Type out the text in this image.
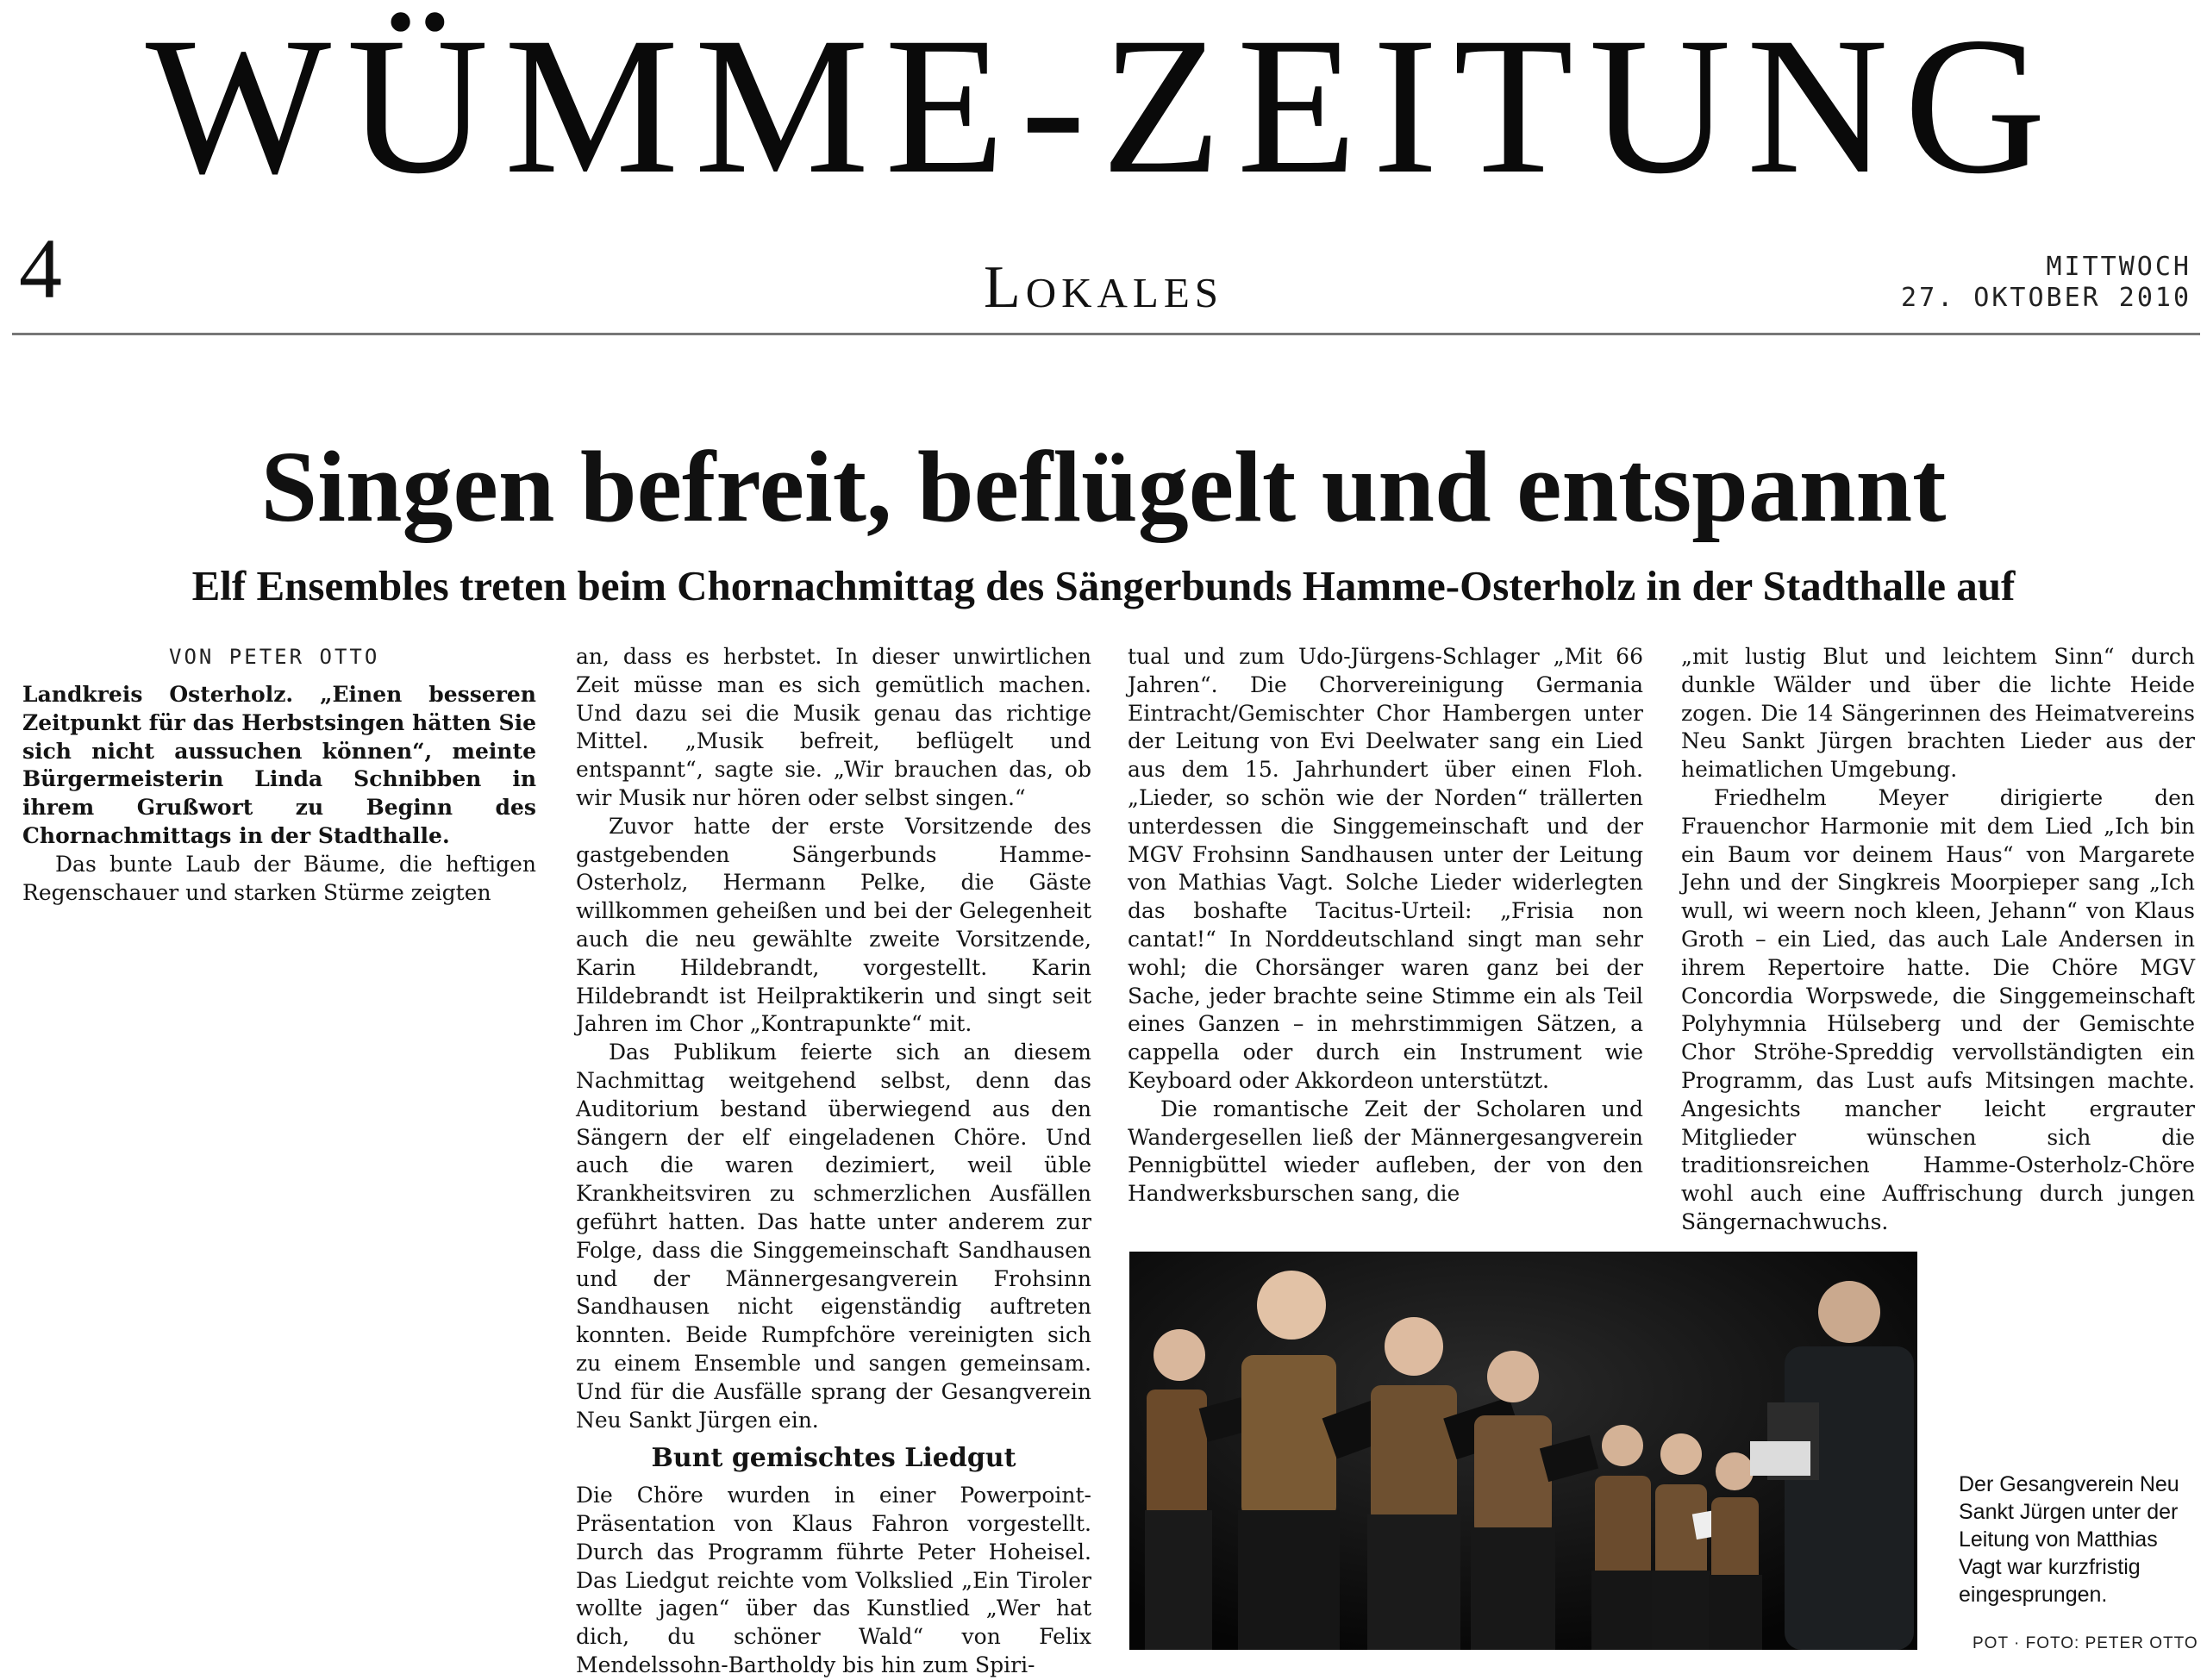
WÜMME-ZEITUNG
4	Lokales	MITTWOCH
27. OKTOBER 2010
Singen befreit, beflügelt und entspannt
Elf Ensembles treten beim Chornachmittag des Sängerbunds Hamme-Osterholz in der Stadthalle auf
VON PETER OTTO

Landkreis Osterholz. „Einen besseren Zeitpunkt für das Herbstsingen hätten Sie sich nicht aussuchen können“, meinte Bürgermeisterin Linda Schnibben in ihrem Grußwort zu Beginn des Chornachmittags in der Stadthalle.

Das bunte Laub der Bäume, die heftigen Regenschauer und starken Stürme zeigten

an, dass es herbstet. In dieser unwirtlichen Zeit müsse man es sich gemütlich machen. Und dazu sei die Musik genau das richtige Mittel. „Musik befreit, beflügelt und entspannt“, sagte sie. „Wir brauchen das, ob wir Musik nur hören oder selbst singen.“

Zuvor hatte der erste Vorsitzende des gastgebenden Sängerbunds Hamme-Osterholz, Hermann Pelke, die Gäste willkommen geheißen und bei der Gelegenheit auch die neu gewählte zweite Vorsitzende, Karin Hildebrandt, vorgestellt. Karin Hildebrandt ist Heilpraktikerin und singt seit Jahren im Chor „Kontrapunkte“ mit.

Das Publikum feierte sich an diesem Nachmittag weitgehend selbst, denn das Auditorium bestand überwiegend aus den Sängern der elf eingeladenen Chöre. Und auch die waren dezimiert, weil üble Krankheitsviren zu schmerzlichen Ausfällen geführt hatten. Das hatte unter anderem zur Folge, dass die Singgemeinschaft Sandhausen und der Männergesangverein Frohsinn Sandhausen nicht eigenständig auftreten konnten. Beide Rumpfchöre vereinigten sich zu einem Ensemble und sangen gemeinsam. Und für die Ausfälle sprang der Gesangverein Neu Sankt Jürgen ein.

Bunt gemischtes Liedgut

Die Chöre wurden in einer Powerpoint-Präsentation von Klaus Fahron vorgestellt. Durch das Programm führte Peter Hoheisel. Das Liedgut reichte vom Volkslied „Ein Tiroler wollte jagen“ über das Kunstlied „Wer hat dich, du schöner Wald“ von Felix Mendelssohn-Bartholdy bis hin zum Spiri-

tual und zum Udo-Jürgens-Schlager „Mit 66 Jahren“. Die Chorvereinigung Germania Eintracht/Gemischter Chor Hambergen unter der Leitung von Evi Deelwater sang ein Lied aus dem 15. Jahrhundert über einen Floh. „Lieder, so schön wie der Norden“ trällerten unterdessen die Singgemeinschaft und der MGV Frohsinn Sandhausen unter der Leitung von Mathias Vagt. Solche Lieder widerlegten das boshafte Tacitus-Urteil: „Frisia non cantat!“ In Norddeutschland singt man sehr wohl; die Chorsänger waren ganz bei der Sache, jeder brachte seine Stimme ein als Teil eines Ganzen – in mehrstimmigen Sätzen, a cappella oder durch ein Instrument wie Keyboard oder Akkordeon unterstützt.

Die romantische Zeit der Scholaren und Wandergesellen ließ der Männergesangverein Pennigbüttel wieder aufleben, der von den Handwerksburschen sang, die

„mit lustig Blut und leichtem Sinn“ durch dunkle Wälder und über die lichte Heide zogen. Die 14 Sängerinnen des Heimatvereins Neu Sankt Jürgen brachten Lieder aus der heimatlichen Umgebung.

Friedhelm Meyer dirigierte den Frauenchor Harmonie mit dem Lied „Ich bin ein Baum vor deinem Haus“ von Margarete Jehn und der Singkreis Moorpieper sang „Ich wull, wi weern noch kleen, Jehann“ von Klaus Groth – ein Lied, das auch Lale Andersen in ihrem Repertoire hatte. Die Chöre MGV Concordia Worpswede, die Singgemeinschaft Polyhymnia Hülseberg und der Gemischte Chor Ströhe-Spreddig vervollständigten ein Programm, das Lust aufs Mitsingen machte. Angesichts mancher leicht ergrauter Mitglieder wünschen sich die traditionsreichen Hamme-Osterholz-Chöre wohl auch eine Auffrischung durch jungen Sängernachwuchs.

Der Gesangverein Neu Sankt Jürgen unter der Leitung von Matthias Vagt war kurzfristig eingesprungen.
POT · FOTO: PETER OTTO
